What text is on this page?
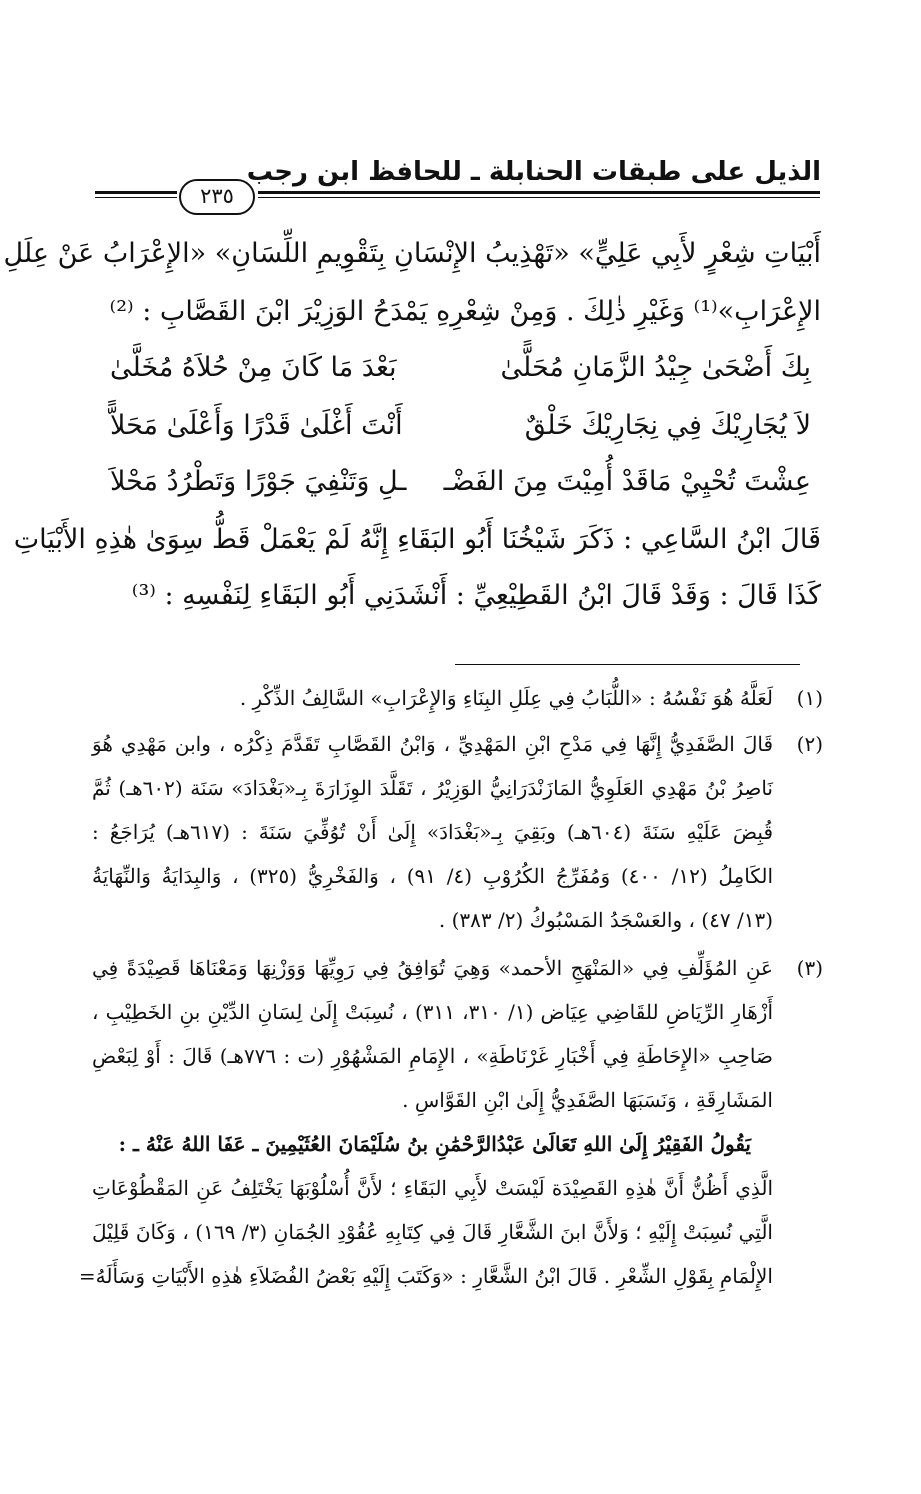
الذيل على طبقات الحنابلة ـ للحافظ ابن رجب
٢٣٥
أَبْيَاتِ شِعْرٍ لأَبِي عَلِيٍّ» «تَهْذِيبُ الإِنْسَانِ بِتَقْوِيمِ اللِّسَانِ» «الإِعْرَابُ عَنْ عِلَلِ
الإِعْرَابِ»⁽¹⁾ وَغَيْرِ ذٰلِكَ . وَمِنْ شِعْرِهِ يَمْدَحُ الوَزِيْرَ ابْنَ القَصَّابِ : ⁽²⁾
بِكَ أَضْحَىٰ جِيْدُ الزَّمَانِ مُحَلًّىٰ
بَعْدَ مَا كَانَ مِنْ حُلاَهُ مُخَلَّىٰ
لاَ يُجَارِيْكَ فِي نِجَارِيْكَ خَلْقٌ
أَنْتَ أَغْلَىٰ قَدْرًا وَأَعْلَىٰ مَحَلاًّ
عِشْتَ تُحْيِيْ مَاقَدْ أُمِيْتَ مِنَ الفَضْـ
ـلِ وَتَنْفِيَ جَوْرًا وَتَطْرُدُ مَحْلاَ
قَالَ ابْنُ السَّاعِي : ذَكَرَ شَيْخُنَا أَبُو البَقَاءِ إِنَّهُ لَمْ يَعْمَلْ قَطُّ سِوَىٰ هٰذِهِ الأَبْيَاتِ
كَذَا قَالَ : وَقَدْ قَالَ ابْنُ القَطِيْعِيِّ : أَنْشَدَنِي أَبُو البَقَاءِ لِنَفْسِهِ : ⁽³⁾
(١)
لَعَلَّهُ هُوَ نَفْسُهُ : «اللُّبَابُ فِي عِلَلِ البِنَاءِ وَالإِعْرَابِ» السَّالِفُ الذِّكْرِ .
(٢)
قَالَ الصَّفَدِيُّ إِنَّهَا فِي مَدْحِ ابْنِ المَهْدِيِّ ، وَابْنُ القَصَّابِ تَقَدَّمَ ذِكْرُه ، وابن مَهْدِي هُوَ
نَاصِرُ بْنُ مَهْدِي العَلَوِيُّ المَازَنْدَرَانِيُّ الوَزِيْرُ ، تَقَلَّدَ الوِزَارَةَ بِـ«بَغْدَادَ» سَنَة (٦٠٢هـ) ثُمَّ
قُبِضَ عَلَيْهِ سَنَةَ (٦٠٤هـ) وبَقِيَ بِـ«بَغْدَادَ» إِلَىٰ أَنْ تُوُفِّيَ سَنَةَ : (٦١٧هـ) يُرَاجَعُ :
الكَامِلُ (١٢/ ٤٠٠) وَمُفَرِّجُ الكُرُوْبِ (٤/ ٩١) ، وَالفَخْرِيُّ (٣٢٥) ، وَالبِدَايَةُ وَالنِّهَايَةُ
(١٣/ ٤٧) ، والعَسْجَدُ المَسْبُوكُ (٢/ ٣٨٣) .
(٣)
عَنِ المُؤَلِّفِ فِي «المَنْهَجِ الأحمد» وَهِيَ تُوَافِقُ فِي رَوِيِّهَا وَوَزْنِهَا وَمَعْنَاهَا قَصِيْدَةً فِي
أَزْهَارِ الرِّيَاضِ للقَاضِي عِيَاض (١/ ٣١٠، ٣١١) ، نُسِبَتْ إِلَىٰ لِسَانِ الدِّيْنِ بنِ الخَطِيْبِ ،
صَاحِبِ «الإِحَاطَةِ فِي أَخْبَارِ غَرْنَاطَةِ» ، الإِمَامِ المَشْهُوْرِ (ت : ٧٧٦هـ) قَالَ : أَوْ لِبَعْضِ
المَشَارِقَةِ ، وَنَسَبَهَا الصَّفَدِيُّ إِلَىٰ ابْنِ القَوَّاسِ .
يَقُولُ الفَقِيْرُ إِلَىٰ اللهِ تَعَالَىٰ عَبْدُالرَّحْمَٰنِ بنُ سُلَيْمَانَ العُثَيْمِينَ ـ عَفَا اللهُ عَنْهُ ـ :
الَّذِي أَظُنُّ أَنَّ هٰذِهِ القَصِيْدَة لَيْسَتْ لأَبِي البَقَاءِ ؛ لأَنَّ أُسْلُوْبَهَا يَخْتَلِفُ عَنِ المَقْطُوْعَاتِ
الَّتِي نُسِبَتْ إِلَيْهِ ؛ وَلأَنَّ ابنَ الشَّعَّارِ قَالَ فِي كِتَابِهِ عُقُوْدِ الجُمَانِ (٣/ ١٦٩) ، وَكَانَ قَلِيْلَ
الإِلْمَامِ بِقَوْلِ الشِّعْرِ . قَالَ ابْنُ الشَّعَّارِ : «وَكَتَبَ إِلَيْهِ بَعْضُ الفُضَلاَءِ هٰذِهِ الأَبْيَاتِ وَسَأَلَهُ=
